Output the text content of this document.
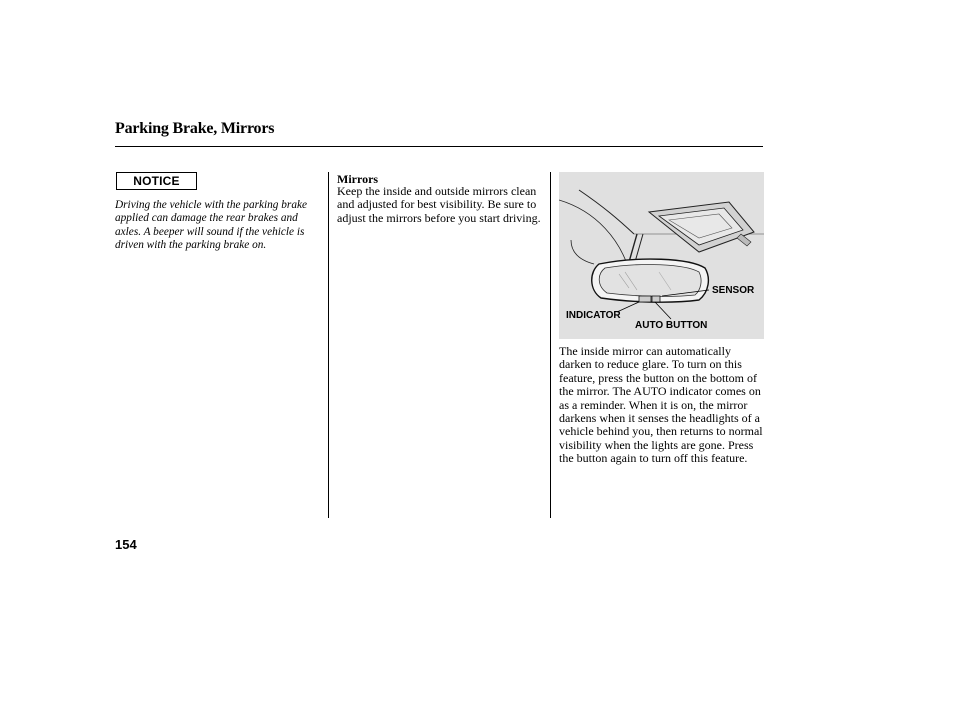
Parking Brake, Mirrors
NOTICE
Driving the vehicle with the parking brake applied can damage the rear brakes and axles. A beeper will sound if the vehicle is driven with the parking brake on.
Mirrors
Keep the inside and outside mirrors clean and adjusted for best visibility. Be sure to adjust the mirrors before you start driving.
SENSOR
INDICATOR
AUTO BUTTON
The inside mirror can automatically darken to reduce glare. To turn on this feature, press the button on the bottom of the mirror. The AUTO indicator comes on as a reminder. When it is on, the mirror darkens when it senses the headlights of a vehicle behind you, then returns to normal visibility when the lights are gone. Press the button again to turn off this feature.
154
